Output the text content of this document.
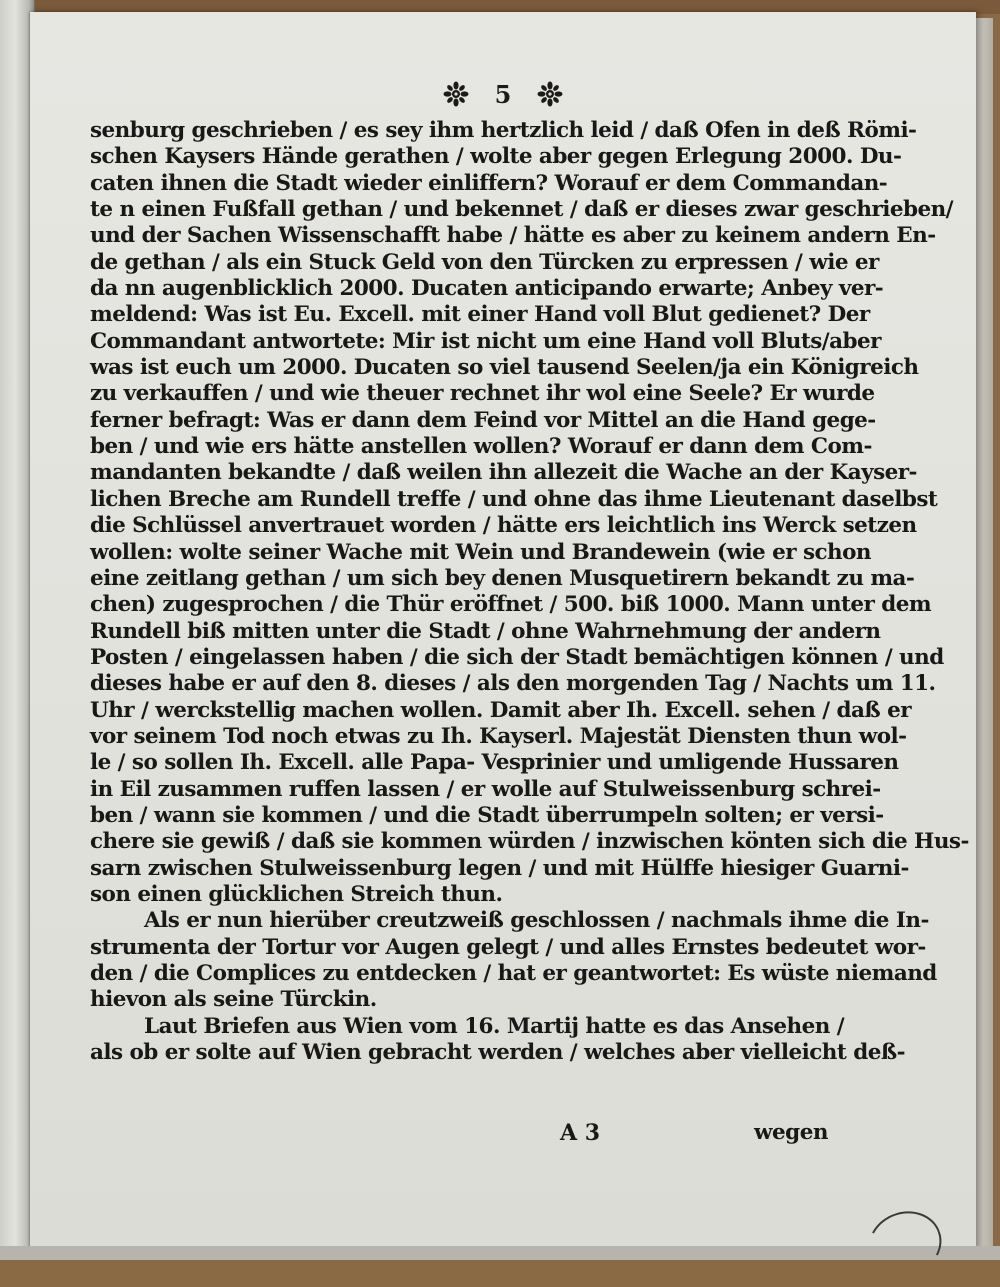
5
senburg geschrieben / es sey ihm hertzlich leid / daß Ofen in deß Römi-
schen Kaysers Hände gerathen / wolte aber gegen Erlegung 2000. Du-
caten ihnen die Stadt wieder einliffern? Worauf er dem Commandan-
te n einen Fußfall gethan / und bekennet / daß er dieses zwar geschrieben/
und der Sachen Wissenschafft habe / hätte es aber zu keinem andern En-
de gethan / als ein Stuck Geld von den Türcken zu erpressen / wie er
da nn augenblicklich 2000. Ducaten anticipando erwarte; Anbey ver-
meldend: Was ist Eu. Excell. mit einer Hand voll Blut gedienet? Der
Commandant antwortete: Mir ist nicht um eine Hand voll Bluts/aber
was ist euch um 2000. Ducaten so viel tausend Seelen/ja ein Königreich
zu verkauffen / und wie theuer rechnet ihr wol eine Seele? Er wurde
ferner befragt: Was er dann dem Feind vor Mittel an die Hand gege-
ben / und wie ers hätte anstellen wollen? Worauf er dann dem Com-
mandanten bekandte / daß weilen ihn allezeit die Wache an der Kayser-
lichen Breche am Rundell treffe / und ohne das ihme Lieutenant daselbst
die Schlüssel anvertrauet worden / hätte ers leichtlich ins Werck setzen
wollen: wolte seiner Wache mit Wein und Brandewein (wie er schon
eine zeitlang gethan / um sich bey denen Musquetirern bekandt zu ma-
chen) zugesprochen / die Thür eröffnet / 500. biß 1000. Mann unter dem
Rundell biß mitten unter die Stadt / ohne Wahrnehmung der andern
Posten / eingelassen haben / die sich der Stadt bemächtigen können / und
dieses habe er auf den 8. dieses / als den morgenden Tag / Nachts um 11.
Uhr / werckstellig machen wollen. Damit aber Ih. Excell. sehen / daß er
vor seinem Tod noch etwas zu Ih. Kayserl. Majestät Diensten thun wol-
le / so sollen Ih. Excell. alle Papa- Vesprinier und umligende Hussaren
in Eil zusammen ruffen lassen / er wolle auf Stulweissenburg schrei-
ben / wann sie kommen / und die Stadt überrumpeln solten; er versi-
chere sie gewiß / daß sie kommen würden / inzwischen könten sich die Hus-
sarn zwischen Stulweissenburg legen / und mit Hülffe hiesiger Guarni-
son einen glücklichen Streich thun.
Als er nun hierüber creutzweiß geschlossen / nachmals ihme die In-
strumenta der Tortur vor Augen gelegt / und alles Ernstes bedeutet wor-
den / die Complices zu entdecken / hat er geantwortet: Es wüste niemand
hievon als seine Türckin.
Laut Briefen aus Wien vom 16. Martij hatte es das Ansehen /
als ob er solte auf Wien gebracht werden / welches aber vielleicht deß-
A 3	wegen
